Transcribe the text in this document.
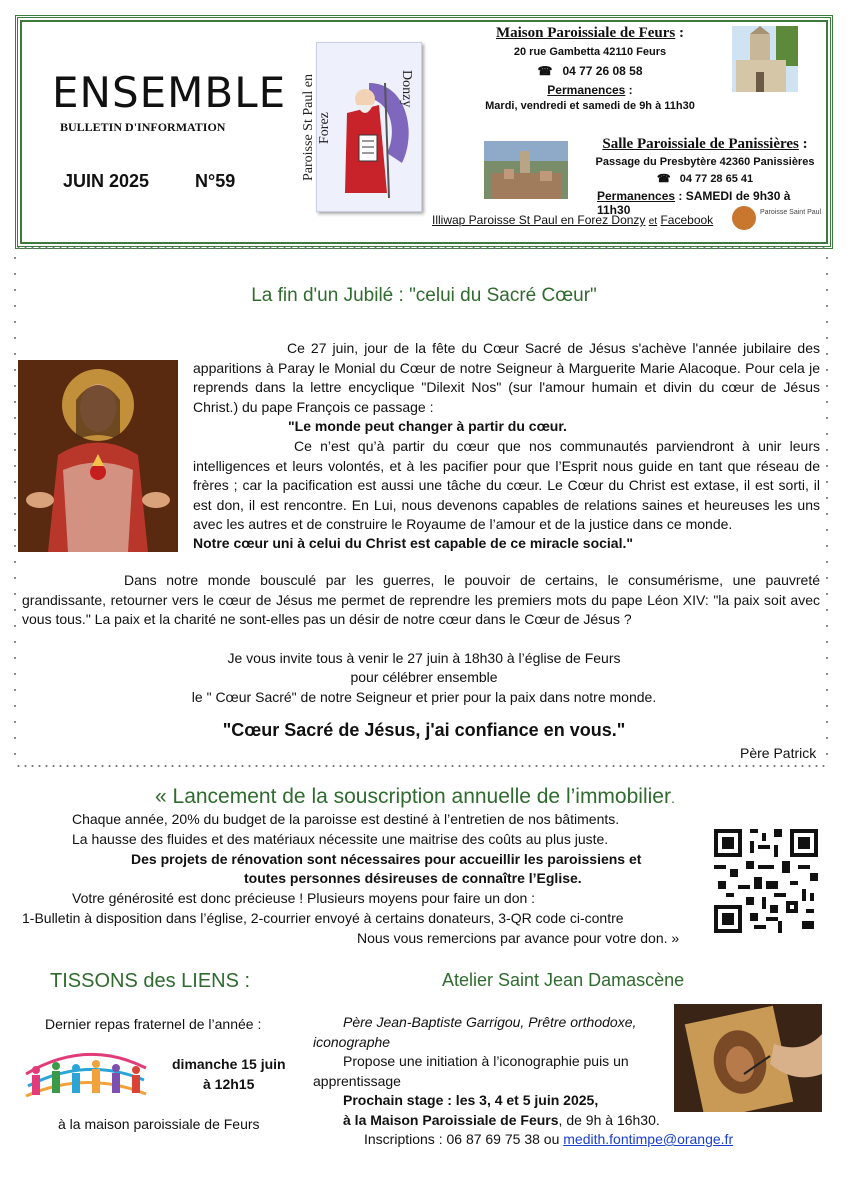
ENSEMBLE
BULLETIN D'INFORMATION
JUIN 2025	N°59	Paroisse St Paul en Forez
Donzy
Maison Paroissiale de Feurs :
20 rue Gambetta 42110 Feurs
☎ 04 77 26 08 58
Permanences :
Mardi, vendredi et samedi de 9h à 11h30
Salle Paroissiale de Panissières :
Passage du Presbytère 42360 Panissières
☎ 04 77 28 65 41
Permanences : SAMEDI de 9h30 à 11h30
Illiwap Paroisse St Paul en Forez Donzy et Facebook
Paroisse Saint Paul
La fin d'un Jubilé : "celui du Sacré Cœur"
Ce 27 juin, jour de la fête du Cœur Sacré de Jésus s'achève l'année jubilaire des apparitions à Paray le Monial du Cœur de notre Seigneur à Marguerite Marie Alacoque. Pour cela je reprends dans la lettre encyclique "Dilexit Nos" (sur l'amour humain et divin du cœur de Jésus Christ.) du pape François ce passage :
"Le monde peut changer à partir du cœur.
Ce n’est qu’à partir du cœur que nos communautés parviendront à unir leurs intelligences et leurs volontés, et à les pacifier pour que l’Esprit nous guide en tant que réseau de frères ; car la pacification est aussi une tâche du cœur. Le Cœur du Christ est extase, il est sorti, il est don, il est rencontre. En Lui, nous devenons capables de relations saines et heureuses les uns avec les autres et de construire le Royaume de l’amour et de la justice dans ce monde.
Notre cœur uni à celui du Christ est capable de ce miracle social."
Dans notre monde bousculé par les guerres, le pouvoir de certains, le consumérisme, une pauvreté grandissante, retourner vers le cœur de Jésus me permet de reprendre les premiers mots du pape Léon XIV: "la paix soit avec vous tous." La paix et la charité ne sont-elles pas un désir de notre cœur dans le Cœur de Jésus ?
Je vous invite tous à venir le 27 juin à 18h30 à l’église de Feurs
pour célébrer ensemble
le " Cœur Sacré" de notre Seigneur et prier pour la paix dans notre monde.
"Cœur Sacré de Jésus, j'ai confiance en vous."
Père Patrick
« Lancement de la souscription annuelle de l’immobilier.
Chaque année, 20% du budget de la paroisse est destiné à l’entretien de nos bâtiments.
La hausse des fluides et des matériaux nécessite une maitrise des coûts au plus juste.
Des projets de rénovation sont nécessaires pour accueillir les paroissiens et
toutes personnes désireuses de connaître l’Eglise.
Votre générosité est donc précieuse ! Plusieurs moyens pour faire un don :
1-Bulletin à disposition dans l’église, 2-courrier envoyé à certains donateurs, 3-QR code ci-contre
Nous vous remercions par avance pour votre don. »
TISSONS des LIENS :
Dernier repas fraternel de l’année :
dimanche 15 juin
à 12h15
à la maison paroissiale de Feurs
Atelier Saint Jean Damascène
Père Jean-Baptiste Garrigou, Prêtre orthodoxe, iconographe
Propose une initiation à l’iconographie puis un apprentissage
Prochain stage : les 3, 4 et 5 juin 2025,
à la Maison Paroissiale de Feurs, de 9h à 16h30.
Inscriptions : 06 87 69 75 38 ou medith.fontimpe@orange.fr
